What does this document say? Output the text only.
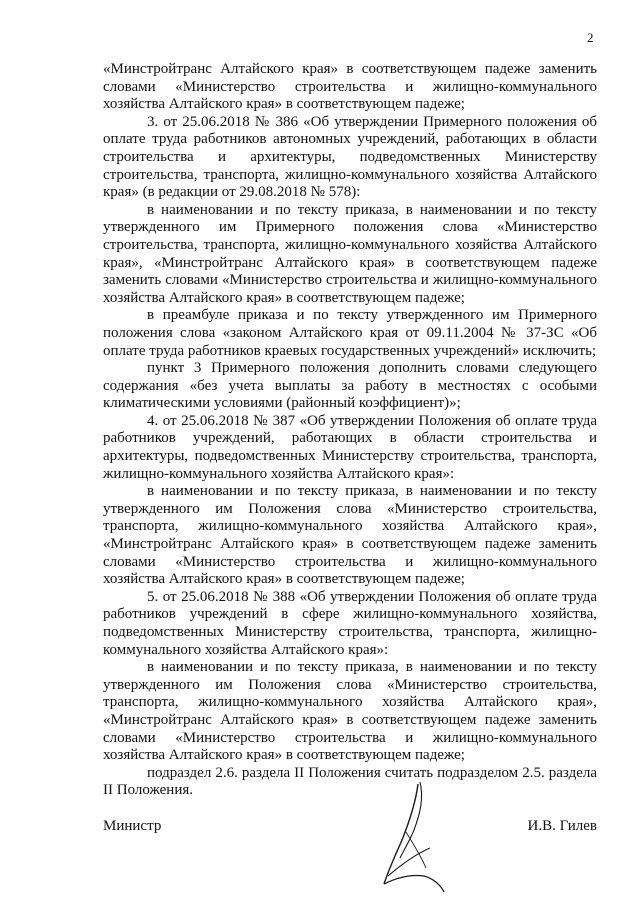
2

«Минстройтранс Алтайского края» в соответствующем падеже заменить словами «Министерство строительства и жилищно-коммунального хозяйства Алтайского края» в соответствующем падеже;

3. от 25.06.2018 № 386 «Об утверждении Примерного положения об оплате труда работников автономных учреждений, работающих в области строительства и архитектуры, подведомственных Министерству строительства, транспорта, жилищно-коммунального хозяйства Алтайского края» (в редакции от 29.08.2018 № 578):

в наименовании и по тексту приказа, в наименовании и по тексту утвержденного им Примерного положения слова «Министерство строительства, транспорта, жилищно-коммунального хозяйства Алтайского края», «Минстройтранс Алтайского края» в соответствующем падеже заменить словами «Министерство строительства и жилищно-коммунального хозяйства Алтайского края» в соответствующем падеже;

в преамбуле приказа и по тексту утвержденного им Примерного положения слова «законом Алтайского края от 09.11.2004 № 37-ЗС «Об оплате труда работников краевых государственных учреждений» исключить;

пункт 3 Примерного положения дополнить словами следующего содержания «без учета выплаты за работу в местностях с особыми климатическими условиями (районный коэффициент)»;

4. от 25.06.2018 № 387 «Об утверждении Положения об оплате труда работников учреждений, работающих в области строительства и архитектуры, подведомственных Министерству строительства, транспорта, жилищно-коммунального хозяйства Алтайского края»:

в наименовании и по тексту приказа, в наименовании и по тексту утвержденного им Положения слова «Министерство строительства, транспорта, жилищно-коммунального хозяйства Алтайского края», «Минстройтранс Алтайского края» в соответствующем падеже заменить словами «Министерство строительства и жилищно-коммунального хозяйства Алтайского края» в соответствующем падеже;

5. от 25.06.2018 № 388 «Об утверждении Положения об оплате труда работников учреждений в сфере жилищно-коммунального хозяйства, подведомственных Министерству строительства, транспорта, жилищно-коммунального хозяйства Алтайского края»:

в наименовании и по тексту приказа, в наименовании и по тексту утвержденного им Положения слова «Министерство строительства, транспорта, жилищно-коммунального хозяйства Алтайского края», «Минстройтранс Алтайского края» в соответствующем падеже заменить словами «Министерство строительства и жилищно-коммунального хозяйства Алтайского края» в соответствующем падеже;

подраздел 2.6. раздела II Положения считать подразделом 2.5. раздела II Положения.

Министр	И.В. Гилев
